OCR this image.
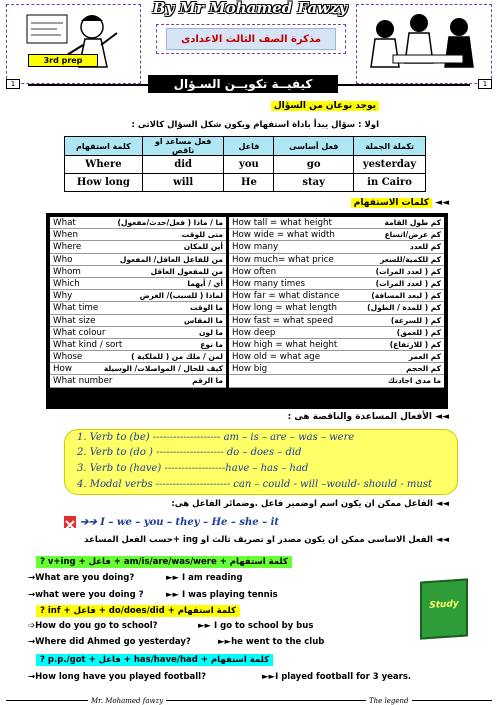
By Mr Mohamed Fawzy
مذكرة الصف الثالث الاعدادى
3rd prep
1	1
كيفيــة تكويــن السـؤال
يوجد نوعان من السؤال
اولا : سؤال يبدأ باداة استفهام ويكون شكل السؤال كالاتى :
كلمة استفهام	فعل مساعد او ناقص	فاعل	فعل أساسى	تكملة الجملة
Where	did	you	go	yesterday
How long	will	He	stay	in Cairo
◄◄ كلمات الاستفهام
What	ما / ماذا ( فعل/حدث/مفعول)
When	متى للوقت
Where	أين للمكان
Who	من للفاعل العاقل/ المفعول
Whom	من للمفعول العاقل
Which	أي / أيهما
Why	لماذا ( للسبب)/ الغرض
What time	ما الوقت
What size	ما المقاس
What colour	ما لون
What kind / sort	ما نوع
Whose	لمن / ملك من ( للملكية )
How	كيف للحال / المواصلات/ الوسيلة
What number	ما الرقم
How tall = what height	كم طول القامة
How wide = what width	كم عرض/اتساع
How many	كم للعدد
How much= what price	كم للكمية/للسعر
How often	كم ( لعدد المرات)
How many times	كم ( لعدد المرات)
How far = what distance	كم ( لبعد المسافة)
How long = what length	كم ( للمدة / الطول)
How fast = what speed	كم ( للسرعة)
How deep	كم ( للعمق)
How high = what height	كم ( للارتفاع)
How old = what age	كم العمر
How big	كم الحجم
ما مدى اجادتك
◄◄ الأفعال المساعدة والناقصة هى :
1. Verb to (be) -------------------- am – is – are – was – were
2. Verb to (do ) -------------------- do – does – did
3. Verb to (have) ------------------have – has – had
4. Modal verbs ---------------------- can – could - will –would- should - must
◄◄ الفاعل ممكن ان يكون اسم اوضمير فاعل .وضمائر الفاعل هى:
➔➔ I – we – you – they – He – she – it
◄◄ الفعل الاساسى ممكن ان يكون مصدر او تصريف ثالث او ing +حسب الفعل المساعد
كلمة استفهام + am/is/are/was/were + فاعل + v+ing ?
→What are you doing?	►► I am reading
→what were you doing ?	►► I was playing tennis
كلمة استفهام + do/does/did + فاعل + inf ?
➩How do you go to school?	►► I go to school by bus
→Where did Ahmed go yesterday?	►►he went to the club
كلمة استفهام + has/have/had + فاعل + p.p./got ?
→How long have you played football?	►►I played football for 3 years.
Study
Mr. Mohamed fawzy	The legend
